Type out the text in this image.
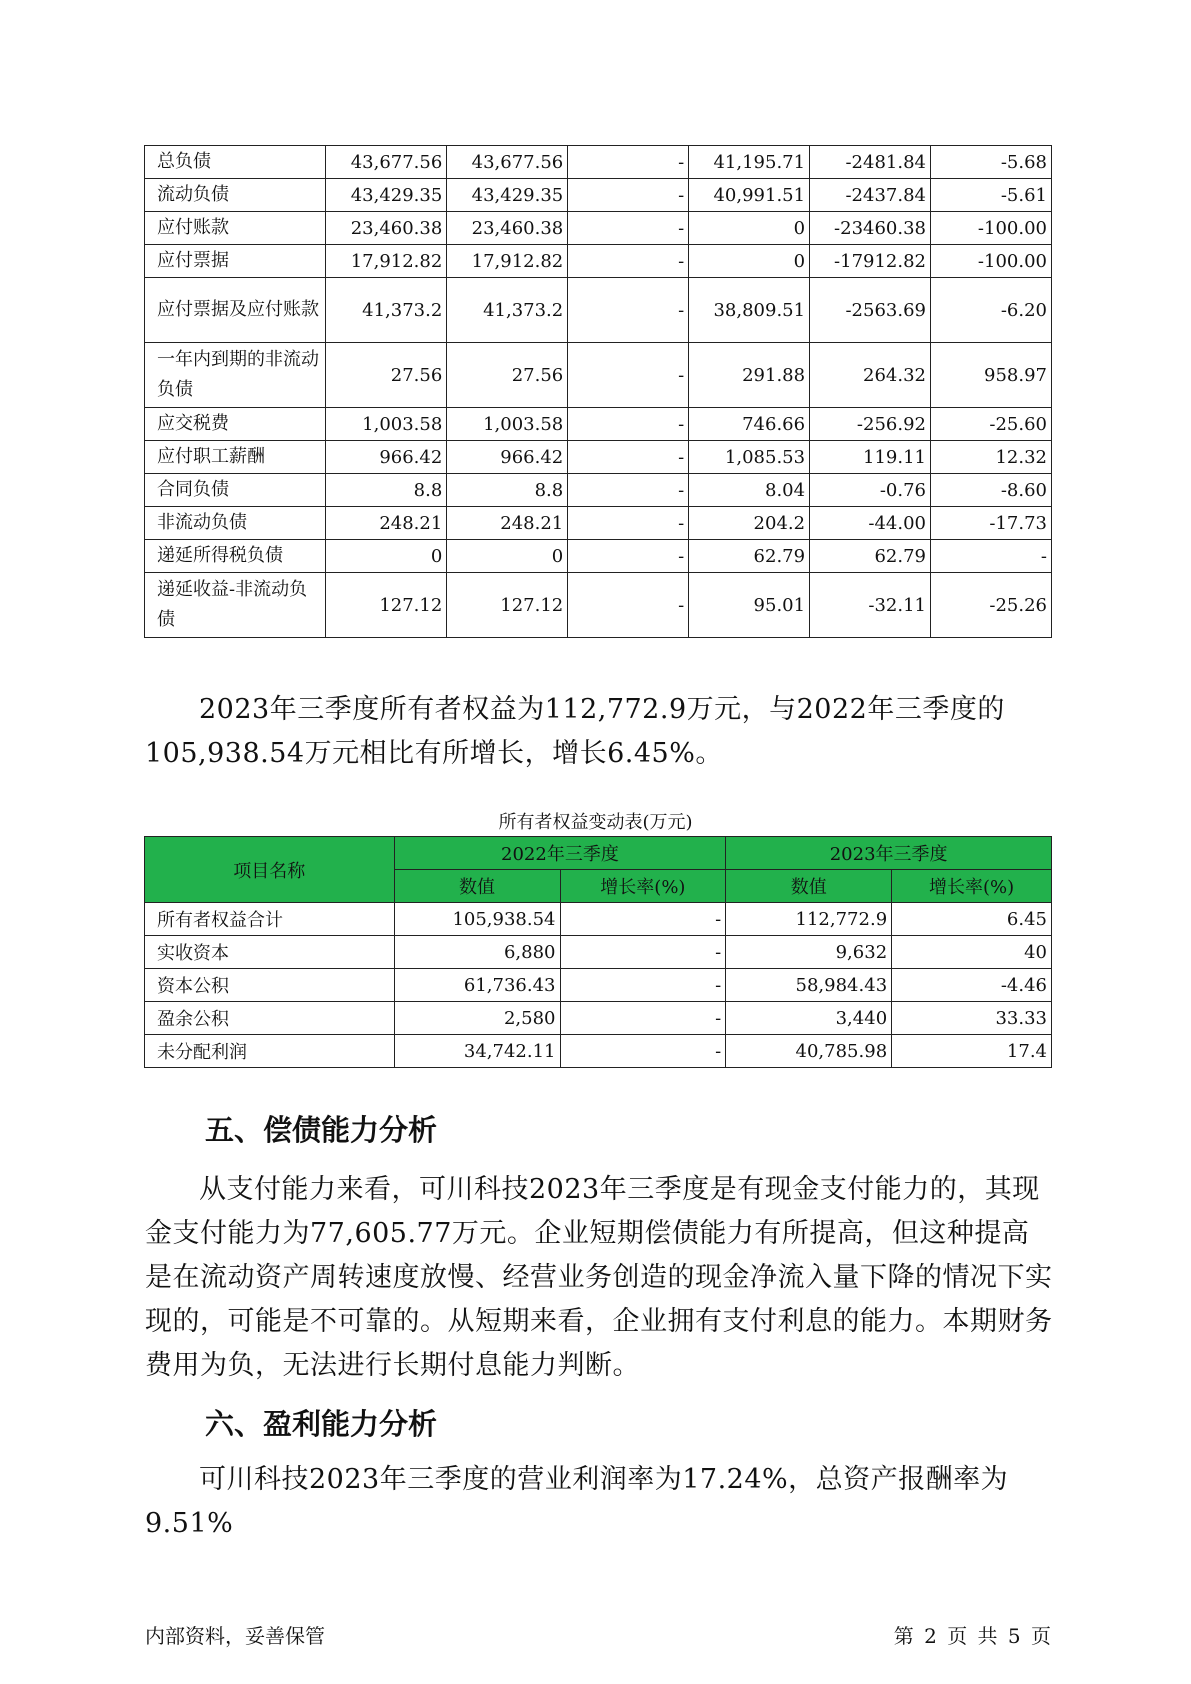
总负债	43,677.56	43,677.56	-	41,195.71	-2481.84	-5.68
流动负债	43,429.35	43,429.35	-	40,991.51	-2437.84	-5.61
应付账款	23,460.38	23,460.38	-	0	-23460.38	-100.00
应付票据	17,912.82	17,912.82	-	0	-17912.82	-100.00
应付票据及应付账款	41,373.2	41,373.2	-	38,809.51	-2563.69	-6.20
一年内到期的非流动负债	27.56	27.56	-	291.88	264.32	958.97
应交税费	1,003.58	1,003.58	-	746.66	-256.92	-25.60
应付职工薪酬	966.42	966.42	-	1,085.53	119.11	12.32
合同负债	8.8	8.8	-	8.04	-0.76	-8.60
非流动负债	248.21	248.21	-	204.2	-44.00	-17.73
递延所得税负债	0	0	-	62.79	62.79	-
递延收益-非流动负债	127.12	127.12	-	95.01	-32.11	-25.26

2023年三季度所有者权益为112,772.9万元，与2022年三季度的105,938.54万元相比有所增长，增长6.45%。

所有者权益变动表(万元)
项目名称	2022年三季度		2023年三季度	
	数值	增长率(%)	数值	增长率(%)
所有者权益合计	105,938.54	-	112,772.9	6.45
实收资本	6,880	-	9,632	40
资本公积	61,736.43	-	58,984.43	-4.46
盈余公积	2,580	-	3,440	33.33
未分配利润	34,742.11	-	40,785.98	17.4
五、偿债能力分析

从支付能力来看，可川科技2023年三季度是有现金支付能力的，其现金支付能力为77,605.77万元。企业短期偿债能力有所提高，但这种提高是在流动资产周转速度放慢、经营业务创造的现金净流入量下降的情况下实现的，可能是不可靠的。从短期来看，企业拥有支付利息的能力。本期财务费用为负，无法进行长期付息能力判断。

六、盈利能力分析

可川科技2023年三季度的营业利润率为17.24%，总资产报酬率为9.51%

内部资料，妥善保管	第 2 页 共 5 页
